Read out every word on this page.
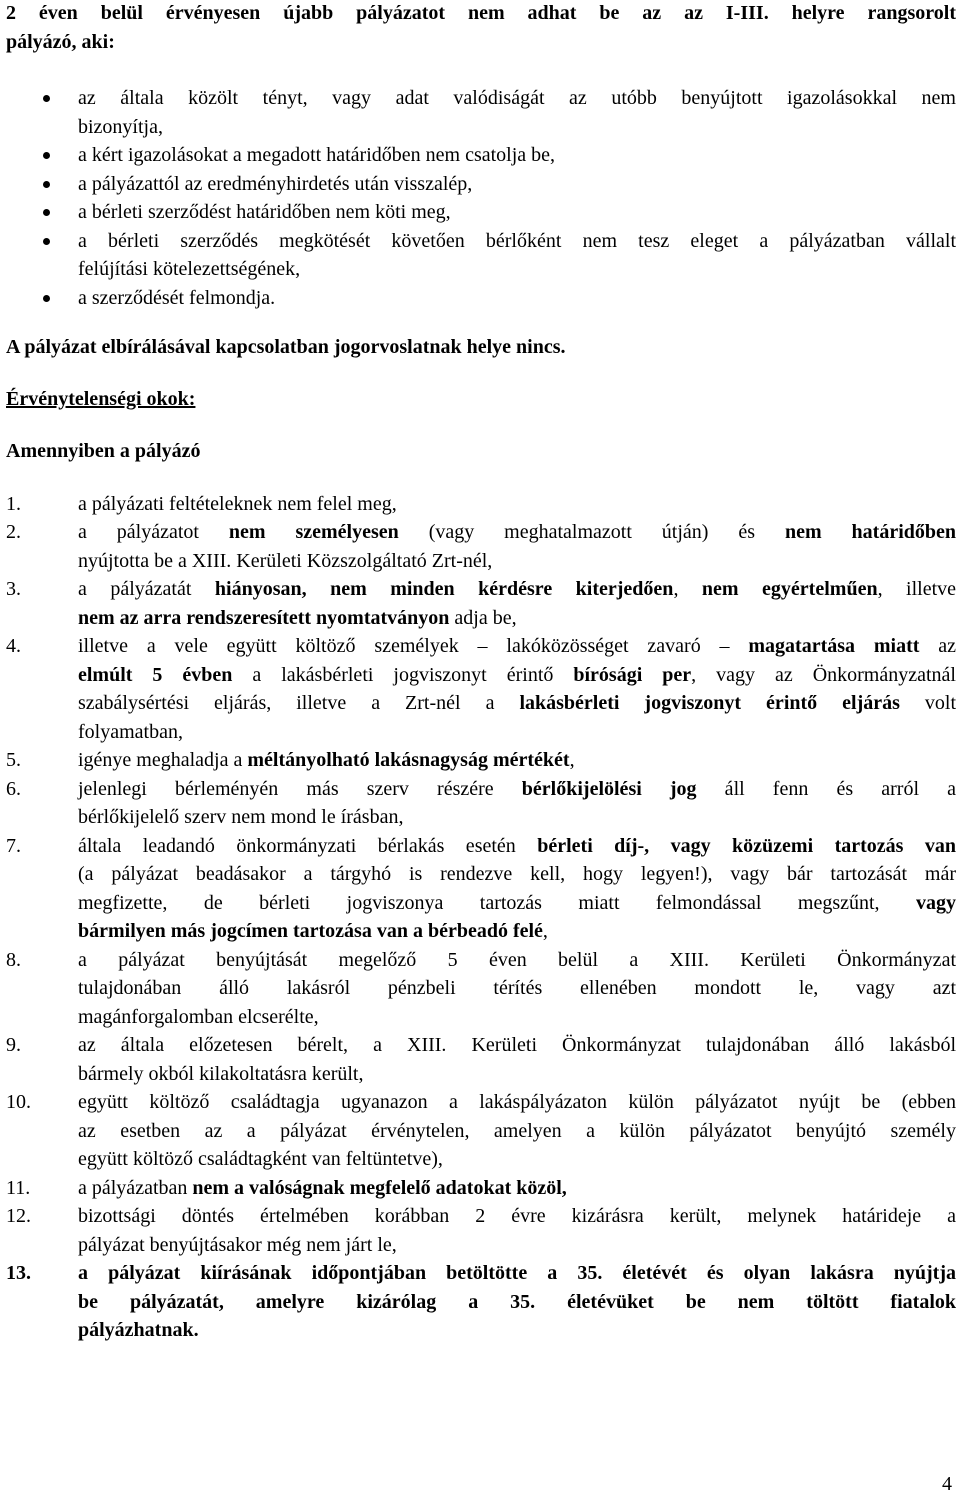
2 éven belül érvényesen újabb pályázatot nem adhat be az az I-III. helyre rangsorolt
pályázó, aki:
az általa közölt tényt, vagy adat valódiságát az utóbb benyújtott igazolásokkal nem
bizonyítja,
a kért igazolásokat a megadott határidőben nem csatolja be,
a pályázattól az eredményhirdetés után visszalép,
a bérleti szerződést határidőben nem köti meg,
a bérleti szerződés megkötését követően bérlőként nem tesz eleget a pályázatban vállalt
felújítási kötelezettségének,
a szerződését felmondja.

A pályázat elbírálásával kapcsolatban jogorvoslatnak helye nincs.

Érvénytelenségi okok:

Amennyiben a pályázó

1.	a pályázati feltételeknek nem felel meg,
2.	a pályázatot nem személyesen (vagy meghatalmazott útján) és nem határidőben
nyújtotta be a XIII. Kerületi Közszolgáltató Zrt-nél,
3.	a pályázatát hiányosan, nem minden kérdésre kiterjedően, nem egyértelműen, illetve
nem az arra rendszeresített nyomtatványon adja be,
4.	illetve a vele együtt költöző személyek – lakóközösséget zavaró – magatartása miatt az
elmúlt 5 évben a lakásbérleti jogviszonyt érintő bírósági per, vagy az Önkormányzatnál
szabálysértési eljárás, illetve a Zrt-nél a lakásbérleti jogviszonyt érintő eljárás volt
folyamatban,
5.	igénye meghaladja a méltányolható lakásnagyság mértékét,
6.	jelenlegi bérleményén más szerv részére bérlőkijelölési jog áll fenn és arról a
bérlőkijelelő szerv nem mond le írásban,
7.	általa leadandó önkormányzati bérlakás esetén bérleti díj-, vagy közüzemi tartozás van
(a pályázat beadásakor a tárgyhó is rendezve kell, hogy legyen!), vagy bár tartozását már
megfizette, de bérleti jogviszonya tartozás miatt felmondással megszűnt, vagy
bármilyen más jogcímen tartozása van a bérbeadó felé,
8.	a pályázat benyújtását megelőző 5 éven belül a XIII. Kerületi Önkormányzat
tulajdonában álló lakásról pénzbeli térítés ellenében mondott le, vagy azt
magánforgalomban elcserélte,
9.	az általa előzetesen bérelt, a XIII. Kerületi Önkormányzat tulajdonában álló lakásból
bármely okból kilakoltatásra került,
10.	együtt költöző családtagja ugyanazon a lakáspályázaton külön pályázatot nyújt be (ebben
az esetben az a pályázat érvénytelen, amelyen a külön pályázatot benyújtó személy
együtt költöző családtagként van feltüntetve),
11.	a pályázatban nem a valóságnak megfelelő adatokat közöl,
12.	bizottsági döntés értelmében korábban 2 évre kizárásra került, melynek határideje a
pályázat benyújtásakor még nem járt le,
13.	a pályázat kiírásának időpontjában betöltötte a 35. életévét és olyan lakásra nyújtja
be pályázatát, amelyre kizárólag a 35. életévüket be nem töltött fiatalok
pályázhatnak.
4
